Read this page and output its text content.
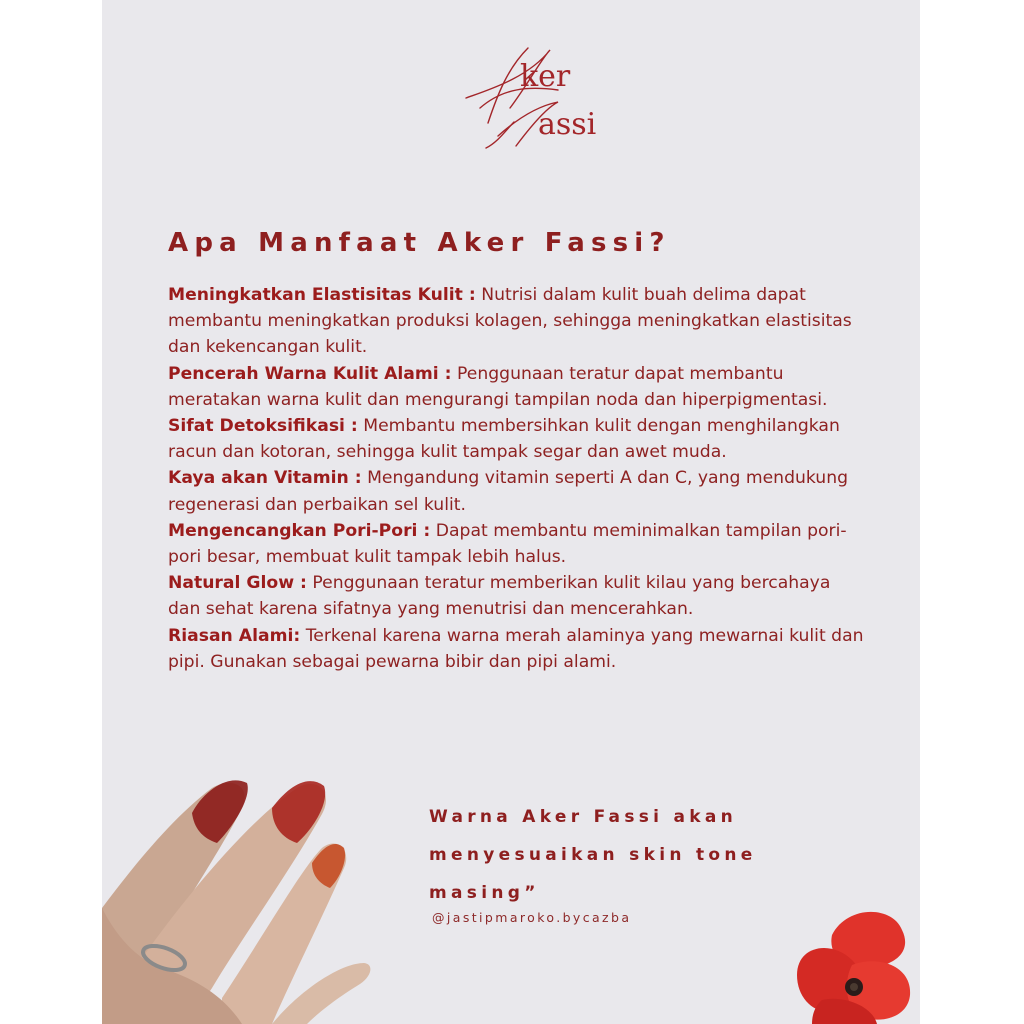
ker
assi
Apa Manfaat Aker Fassi?
Meningkatkan Elastisitas Kulit : Nutrisi dalam kulit buah delima dapat membantu meningkatkan produksi kolagen, sehingga meningkatkan elastisitas dan kekencangan kulit.
Pencerah Warna Kulit Alami : Penggunaan teratur dapat membantu meratakan warna kulit dan mengurangi tampilan noda dan hiperpigmentasi.
Sifat Detoksifikasi : Membantu membersihkan kulit dengan menghilangkan racun dan kotoran, sehingga kulit tampak segar dan awet muda.
Kaya akan Vitamin : Mengandung vitamin seperti A dan C, yang mendukung regenerasi dan perbaikan sel kulit.
Mengencangkan Pori-Pori : Dapat membantu meminimalkan tampilan pori-pori besar, membuat kulit tampak lebih halus.
Natural Glow : Penggunaan teratur memberikan kulit kilau yang bercahaya dan sehat karena sifatnya yang menutrisi dan mencerahkan.
Riasan Alami: Terkenal karena warna merah alaminya yang mewarnai kulit dan pipi. Gunakan sebagai pewarna bibir dan pipi alami.
Warna Aker Fassi akan menyesuaikan skin tone masing”
@jastipmaroko.bycazba
